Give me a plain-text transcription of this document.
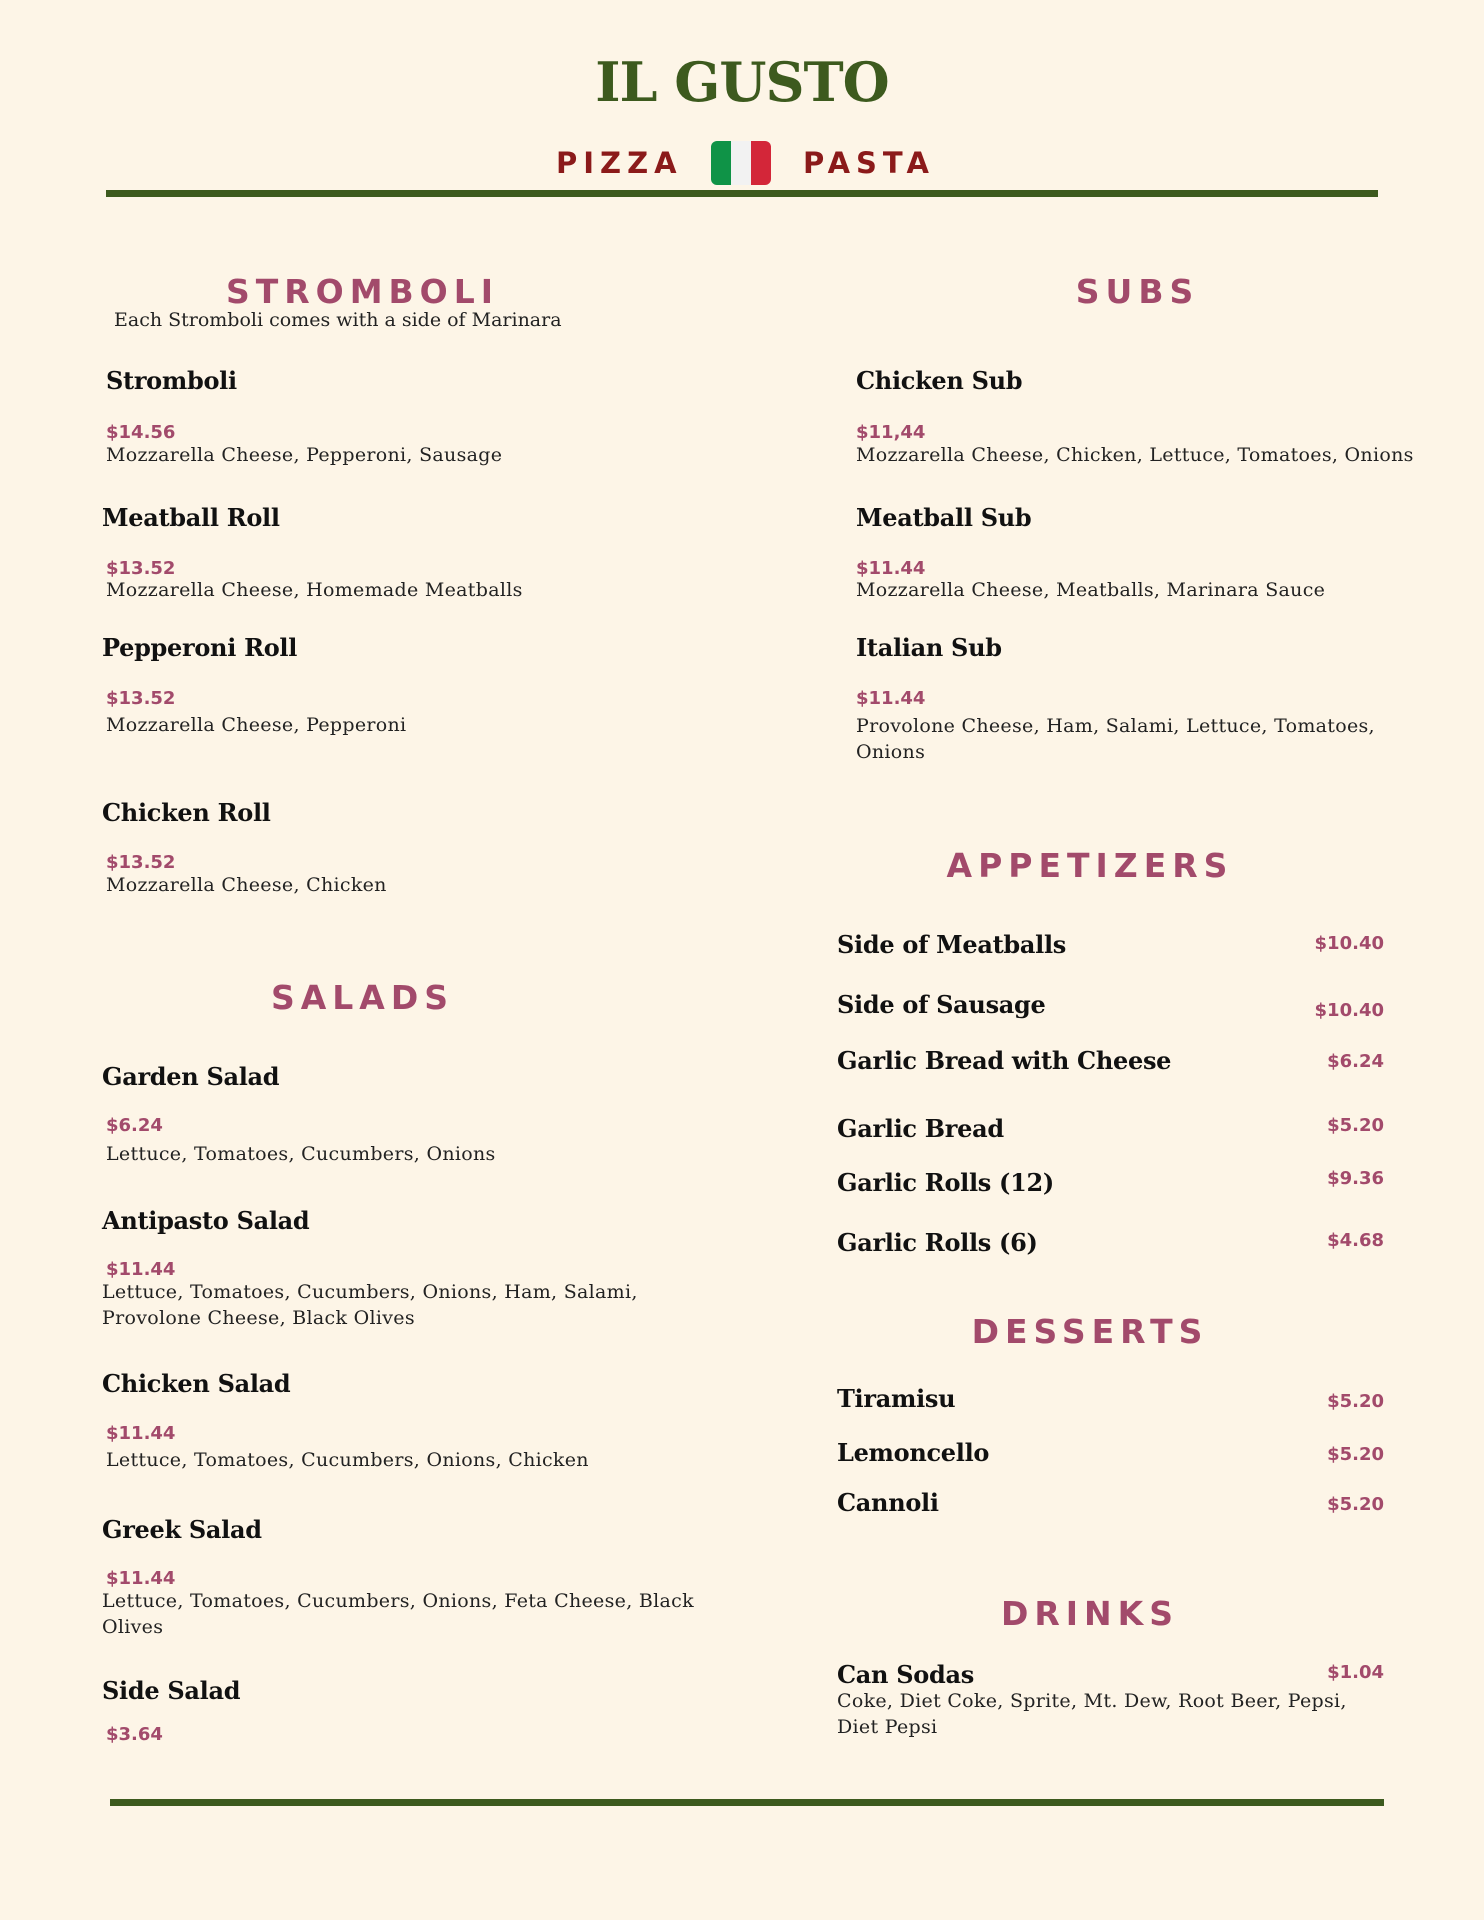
IL GUSTO
PIZZA	PASTA
STROMBOLI
Each Stromboli comes with a side of Marinara
Stromboli
$14.56
Mozzarella Cheese, Pepperoni, Sausage
Meatball Roll
$13.52
Mozzarella Cheese, Homemade Meatballs
Pepperoni Roll
$13.52
Mozzarella Cheese, Pepperoni
Chicken Roll
$13.52
Mozzarella Cheese, Chicken
SALADS
Garden Salad
$6.24
Lettuce, Tomatoes, Cucumbers, Onions
Antipasto Salad
$11.44
Lettuce, Tomatoes, Cucumbers, Onions, Ham, Salami, Provolone Cheese, Black Olives
Chicken Salad
$11.44
Lettuce, Tomatoes, Cucumbers, Onions, Chicken
Greek Salad
$11.44
Lettuce, Tomatoes, Cucumbers, Onions, Feta Cheese, Black Olives
Side Salad
$3.64
SUBS
Chicken Sub
$11,44
Mozzarella Cheese, Chicken, Lettuce, Tomatoes, Onions
Meatball Sub
$11.44
Mozzarella Cheese, Meatballs, Marinara Sauce
Italian Sub
$11.44
Provolone Cheese, Ham, Salami, Lettuce, Tomatoes, Onions
APPETIZERS
Side of Meatballs	$10.40
Side of Sausage	$10.40
Garlic Bread with Cheese	$6.24
Garlic Bread	$5.20
Garlic Rolls (12)	$9.36
Garlic Rolls (6)	$4.68
DESSERTS
Tiramisu	$5.20
Lemoncello	$5.20
Cannoli	$5.20
DRINKS
Can Sodas	$1.04
Coke, Diet Coke, Sprite, Mt. Dew, Root Beer, Pepsi, Diet Pepsi
